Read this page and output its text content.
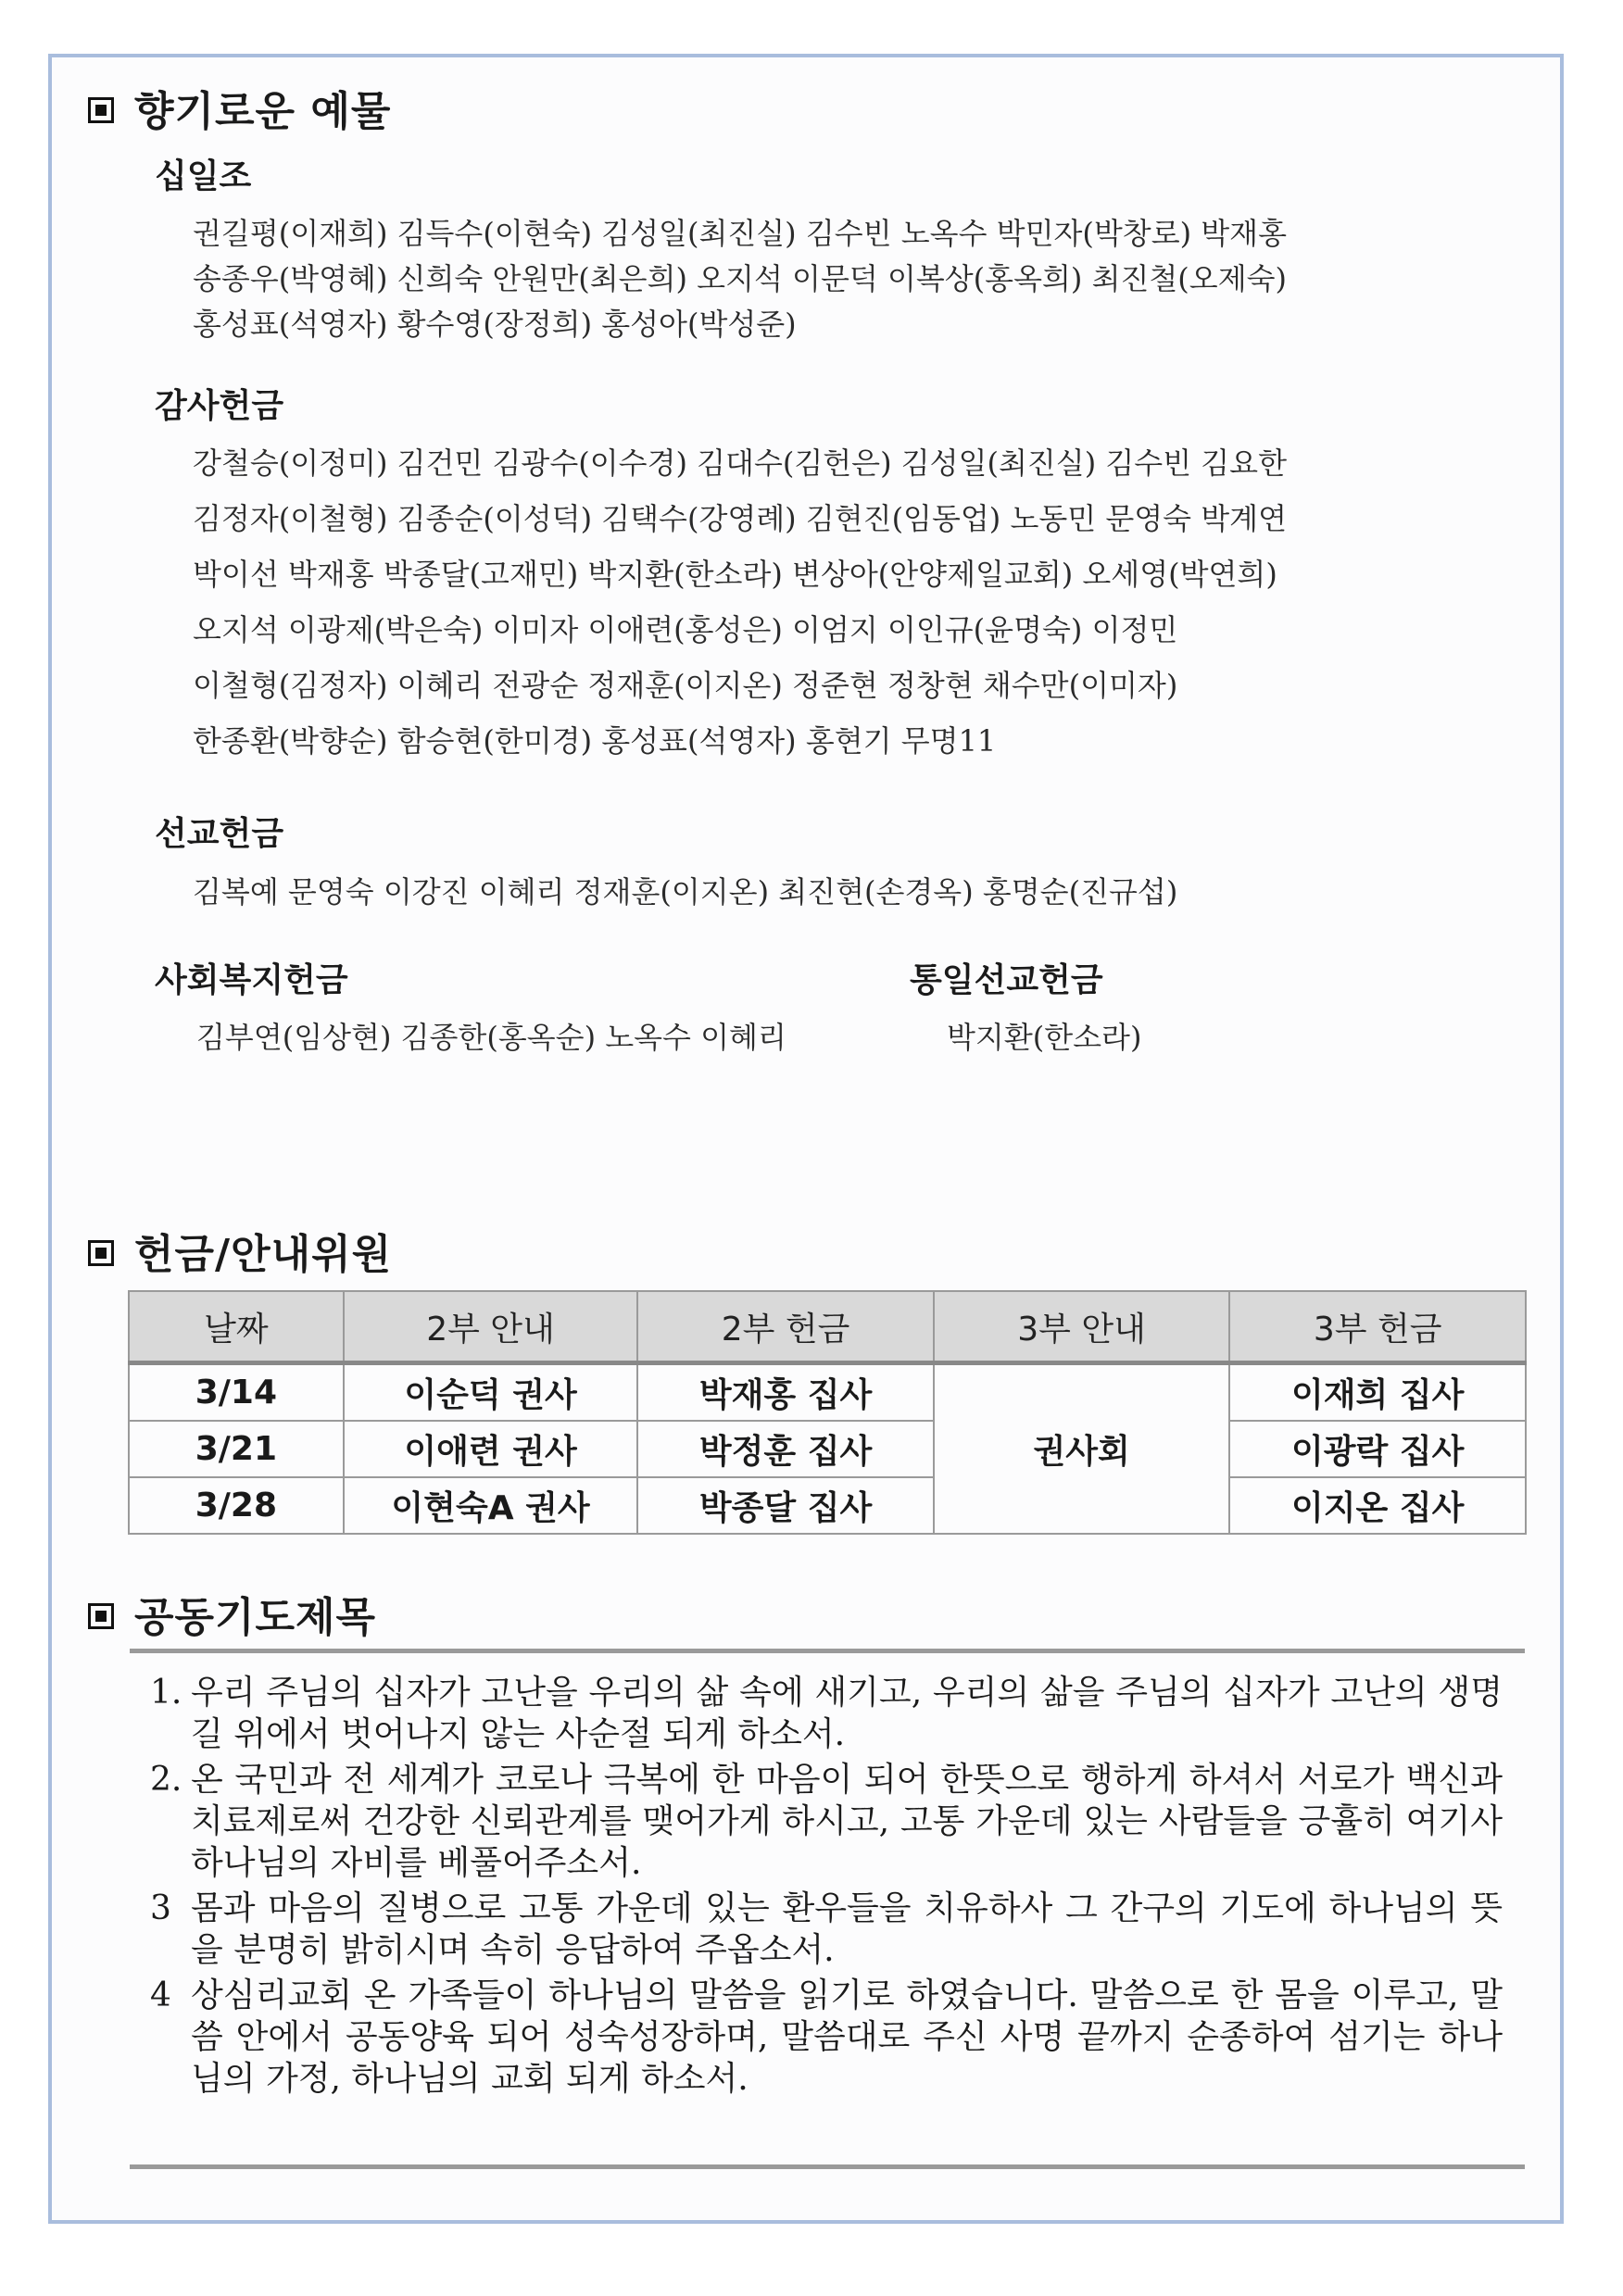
향기로운 예물
십일조
권길평(이재희) 김득수(이현숙) 김성일(최진실) 김수빈 노옥수 박민자(박창로) 박재홍
송종우(박영혜) 신희숙 안원만(최은희) 오지석 이문덕 이복상(홍옥희) 최진철(오제숙)
홍성표(석영자) 황수영(장정희) 홍성아(박성준)
감사헌금
강철승(이정미) 김건민 김광수(이수경) 김대수(김헌은) 김성일(최진실) 김수빈 김요한
김정자(이철형) 김종순(이성덕) 김택수(강영례) 김현진(임동업) 노동민 문영숙 박계연
박이선 박재홍 박종달(고재민) 박지환(한소라) 변상아(안양제일교회) 오세영(박연희)
오지석 이광제(박은숙) 이미자 이애련(홍성은) 이엄지 이인규(윤명숙) 이정민
이철형(김정자) 이혜리 전광순 정재훈(이지온) 정준현 정창현 채수만(이미자)
한종환(박향순) 함승현(한미경) 홍성표(석영자) 홍현기 무명11
선교헌금
김복예 문영숙 이강진 이혜리 정재훈(이지온) 최진현(손경옥) 홍명순(진규섭)
사회복지헌금
김부연(임상현) 김종한(홍옥순) 노옥수 이혜리
통일선교헌금
박지환(한소라)
헌금/안내위원
날짜	2부 안내	2부 헌금	3부 안내	3부 헌금
3/14	이순덕 권사	박재홍 집사	권사회	이재희 집사
3/21	이애련 권사	박정훈 집사		이광락 집사
3/28	이현숙A 권사	박종달 집사		이지온 집사
공동기도제목
1. 우리 주님의 십자가 고난을 우리의 삶 속에 새기고, 우리의 삶을 주님의 십자가 고난의 생명길 위에서 벗어나지 않는 사순절 되게 하소서.
2. 온 국민과 전 세계가 코로나 극복에 한 마음이 되어 한뜻으로 행하게 하셔서 서로가 백신과 치료제로써 건강한 신뢰관계를 맺어가게 하시고, 고통 가운데 있는 사람들을 긍휼히 여기사 하나님의 자비를 베풀어주소서.
3 몸과 마음의 질병으로 고통 가운데 있는 환우들을 치유하사 그 간구의 기도에 하나님의 뜻을 분명히 밝히시며 속히 응답하여 주옵소서.
4 상심리교회 온 가족들이 하나님의 말씀을 읽기로 하였습니다. 말씀으로 한 몸을 이루고, 말씀 안에서 공동양육 되어 성숙성장하며, 말씀대로 주신 사명 끝까지 순종하여 섬기는 하나님의 가정, 하나님의 교회 되게 하소서.
